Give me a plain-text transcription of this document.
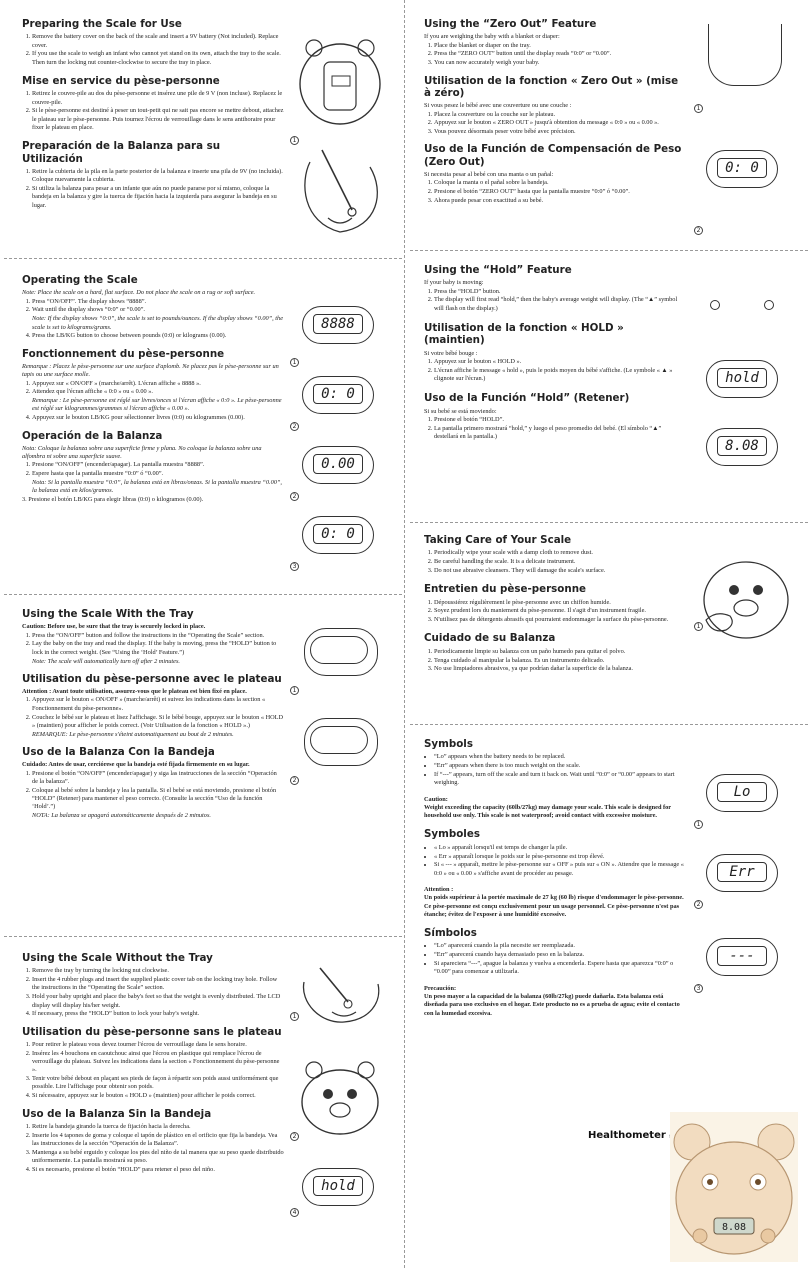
Preparing the Scale for Use
1. Remove the battery cover on the back of the scale and insert a 9V battery (Not included). Replace cover.
2. If you use the scale to weigh an infant who cannot yet stand on its own, attach the tray to the scale. Then turn the locking nut counter-clockwise to secure the tray in place.
Mise en service du pèse-personne
1. Retirez le couvre-pile au dos du pèse-personne et insérez une pile de 9 V (non incluse). Replacez le couvre-pile.
2. Si le pèse-personne est destiné à peser un tout-petit qui ne sait pas encore se mettre debout, attachez le plateau sur le pèse-personne. Puis tournez l'écrou de verrouillage dans le sens antihoraire pour fixer le plateau en place.
Preparación de la Balanza para su Utilización
1. Retire la cubierta de la pila en la parte posterior de la balanza e inserte una pila de 9V (no incluida). Coloque nuevamente la cubierta.
2. Si utiliza la balanza para pesar a un infante que aún no puede pararse por sí mismo, coloque la bandeja en la balanza y gire la tuerca de fijación hacia la izquierda para asegurar la bandeja en su lugar.
1
Operating the Scale

Note: Place the scale on a hard, flat surface. Do not place the scale on a rug or soft surface.

1. Press “ON/OFF”. The display shows “8888”.
2. Wait until the display shows “0:0” or “0.00”.
Note: If the display shows “0:0”, the scale is set to pounds/ounces. If the display shows “0.00”, the scale is set to kilograms/grams.
4. Press the LB/KG button to choose between pounds (0:0) or kilograms (0.00).
Fonctionnement du pèse-personne

Remarque : Placez le pèse-personne sur une surface d'aplomb. Ne placez pas le pèse-personne sur un tapis ou une surface molle.

1. Appuyez sur « ON/OFF » (marche/arrêt). L'écran affiche « 8888 ».
2. Attendez que l'écran affiche « 0:0 » ou « 0.00 ».
Remarque : Le pèse-personne est réglé sur livres/onces si l'écran affiche « 0:0 ». Le pèse-personne est réglé sur kilogrammes/grammes si l'écran affiche « 0.00 ».
4. Appuyez sur le bouton LB/KG pour sélectionner livres (0:0) ou kilogrammes (0.00).
Operación de la Balanza

Nota: Coloque la balanza sobre una superficie firme y plana. No coloque la balanza sobre una alfombra ni sobre una superficie suave.

1. Presione “ON/OFF” (encender/apagar). La pantalla muestra “8888”.
2. Espere hasta que la pantalla muestre “0:0” ó “0.00”.
Nota: Si la pantalla muestra “0:0”, la balanza está en libras/onzas. Si la pantalla muestra “0.00”, la balanza está en kilos/gramos.

3. Presione el botón LB/KG para elegir libras (0:0) o kilogramos (0.00).

8888
1
0: 0
2
0.00
2
0: 0
3
Using the Scale With the Tray

Caution: Before use, be sure that the tray is securely locked in place.

1. Press the “ON/OFF” button and follow the instructions in the “Operating the Scale” section.
2. Lay the baby on the tray and read the display. If the baby is moving, press the “HOLD” button to lock in the correct weight. (See “Using the ‘Hold’ Feature.”)
Note: The scale will automatically turn off after 2 minutes.
Utilisation du pèse-personne avec le plateau

Attention : Avant toute utilisation, assurez-vous que le plateau est bien fixé en place.

1. Appuyez sur le bouton « ON/OFF » (marche/arrêt) et suivez les indications dans la section « Fonctionnement du pèse-personne».
2. Couchez le bébé sur le plateau et lisez l'affichage. Si le bébé bouge, appuyez sur le bouton « HOLD » (maintien) pour afficher le poids correct. (Voir Utilisation de la fonction « HOLD ».)
REMARQUE: Le pèse-personne s'éteint automatiquement au bout de 2 minutes.
Uso de la Balanza Con la Bandeja

Cuidado: Antes de usar, cerciórese que la bandeja esté fijada firmemente en su lugar.

1. Presione el botón “ON/OFF” (encender/apagar) y siga las instrucciones de la sección “Operación de la balanza”.
2. Coloque al bebé sobre la bandeja y lea la pantalla. Si el bebé se está moviendo, presione el botón “HOLD” (Retener) para mantener el peso correcto. (Consulte la sección “Uso de la función ‘Hold’.”)
NOTA: La balanza se apagará automáticamente después de 2 minutos.
1
2
Using the Scale Without the Tray
1. Remove the tray by turning the locking nut clockwise.
2. Insert the 4 rubber plugs and insert the supplied plastic cover tab on the locking tray hole. Follow the instructions in the “Operating the Scale” section.
3. Hold your baby upright and place the baby's feet so that the weight is evenly distributed. The LCD display will display his/her weight.
4. If necessary, press the “HOLD” button to lock your baby's weight.
Utilisation du pèse-personne sans le plateau
1. Pour retirer le plateau vous devez tourner l'écrou de verrouillage dans le sens horaire.
2. Insérez les 4 bouchons en caoutchouc ainsi que l'écrou en plastique qui remplace l'écrou de verrouillage du plateau. Suivez les indications dans la section « Fonctionnement du pèse-personne ».
3. Tenir votre bébé debout en plaçant ses pieds de façon à répartir son poids aussi uniformément que possible. Lire l'affichage pour obtenir son poids.
4. Si nécessaire, appuyez sur le bouton « HOLD » (maintien) pour afficher le poids correct.
Uso de la Balanza Sin la Bandeja
1. Retire la bandeja girando la tuerca de fijación hacia la derecha.
2. Inserte los 4 tapones de goma y coloque el tapón de plástico en el orificio que fija la bandeja. Vea las instrucciones de la sección “Operación de la Balanza”.
3. Mantenga a su bebé erguido y coloque los pies del niño de tal manera que su peso quede distribuido uniformemente. La pantalla mostrará su peso.
4. Si es necesario, presione el botón “HOLD” para retener el peso del niño.
1
2
hold
4
Using the “Zero Out” Feature

If you are weighing the baby with a blanket or diaper:

1. Place the blanket or diaper on the tray.
2. Press the “ZERO OUT” button until the display reads “0:0” or “0.00”.
3. You can now accurately weigh your baby.
Utilisation de la fonction « Zero Out » (mise à zéro)

Si vous pesez le bébé avec une couverture ou une couche :

1. Placez la couverture ou la couche sur le plateau.
2. Appuyez sur le bouton « ZERO OUT » jusqu'à obtention du message « 0:0 » ou « 0.00 ».
3. Vous pouvez désormais peser votre bébé avec précision.
Uso de la Función de Compensación de Peso (Zero Out)

Si necesita pesar al bebé con una manta o un pañal:

1. Coloque la manta o el pañal sobre la bandeja.
2. Presione el botón “ZERO OUT” hasta que la pantalla muestre “0:0” ó “0.00”.
3. Ahora puede pesar con exactitud a su bebé.
1
0: 0
2
Using the “Hold” Feature

If your baby is moving:

1. Press the “HOLD” button.
2. The display will first read “hold,” then the baby's average weight will display. (The “▲” symbol will flash on the display.)
Utilisation de la fonction « HOLD » (maintien)

Si votre bébé bouge :

1. Appuyez sur le bouton « HOLD ».
2. L'écran affiche le message « hold », puis le poids moyen du bébé s'affiche. (Le symbole « ▲ » clignote sur l'écran.)
Uso de la Función “Hold” (Retener)

Si su bebé se está moviendo:

1. Presione el botón “HOLD”.
2. La pantalla primero mostrará “hold,” y luego el peso promedio del bebé. (El símbolo “▲” destellará en la pantalla.)
hold
8.08
Taking Care of Your Scale
1. Periodically wipe your scale with a damp cloth to remove dust.
2. Be careful handling the scale. It is a delicate instrument.
3. Do not use abrasive cleansers. They will damage the scale's surface.
Entretien du pèse-personne
1. Dépoussiérez régulièrement le pèse-personne avec un chiffon humide.
2. Soyez prudent lors du maniement du pèse-personne. Il s'agit d'un instrument fragile.
3. N'utilisez pas de détergents abrasifs qui pourraient endommager la surface du pèse-personne.
Cuidado de su Balanza
1. Periodicamente limpie su balanza con un paño humedo para quitar el polvo.
2. Tenga cuidado al manipular la balanza. Es un instrumento delicado.
3. No use limpiadores abrasivos, ya que podrían dañar la superficie de la balanza.
1
Symbols
• “Lo” appears when the battery needs to be replaced.
• “Err” appears when there is too much weight on the scale.
• If “---” appears, turn off the scale and turn it back on. Wait until “0:0” or “0.00” appears to start weighing.

Caution:

Weight exceeding the capacity (60lb/27kg) may damage your scale. This scale is designed for household use only. This scale is not waterproof; avoid contact with excessive moisture.

Symboles
• « Lo » apparaît lorsqu'il est temps de changer la pile.
• « Err » apparaît lorsque le poids sur le pèse-personne est trop élevé.
• Si « --- » apparaît, mettre le pèse-personne sur « OFF » puis sur « ON ». Attendre que le message « 0:0 » ou « 0.00 » s'affiche avant de procéder au pesage.

Attention :

Un poids supérieur à la portée maximale de 27 kg (60 lb) risque d'endommager le pèse-personne. Ce pèse-personne est conçu exclusivement pour un usage personnel. Ce pèse-personne n'est pas étanche; évitez de l'exposer à une humidité excessive.

Símbolos
• “Lo” aparecerá cuando la pila necesite ser reemplazada.
• “Err” aparecerá cuando haya demasiado peso en la balanza.
• Si apareciera “---”, apague la balanza y vuelva a encenderla. Espere hasta que aparezca “0:0” o “0.00” para comenzar a utilizarla.

Precaución:

Un peso mayor a la capacidad de la balanza (60lb/27kg) puede dañarla. Esta balanza está diseñada para uso exclusivo en el hogar. Este producto no es a prueba de agua; evite el contacto con la humedad excesiva.

Lo
1
Err
2
---
3
Healthometer
8.08
